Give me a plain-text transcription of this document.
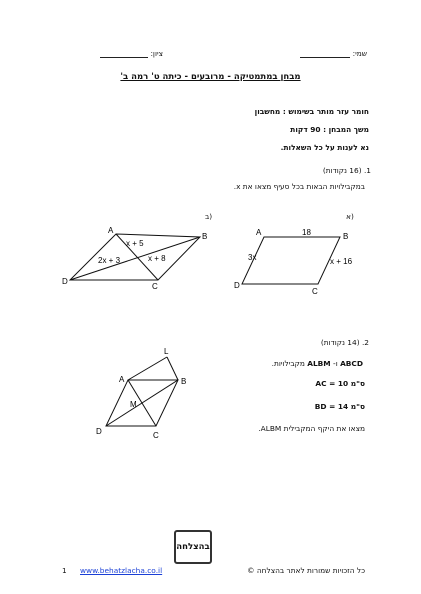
שמי:
ציון:
מבחן במתמטיקה - מרובעים - כיתה ט' רמה ב'
חומר עזר מותר בשימוש : מחשבון
משך המבחן : 90 דקות
נא לענות על כל השאלות.
1. (16 נקודות)
במקבילויות הבאות בכל סעיף מצאו את x.
א)
ב)
A	B
C
D
18
3x	x + 16
A
B
C
D
x + 5
2x + 3	x + 8
2. (14 נקודות)
מקבילויות. ALBM ו- ABCD
AC = 10 ס"מ
BD = 14 ס"מ
מצאו את היקף המקבילית ALBM.
L
A	B
M
D	C
בהצלחה
1 www.behatzlacha.co.il	כל הזכויות שמורות לאתר בהצלחה ©
